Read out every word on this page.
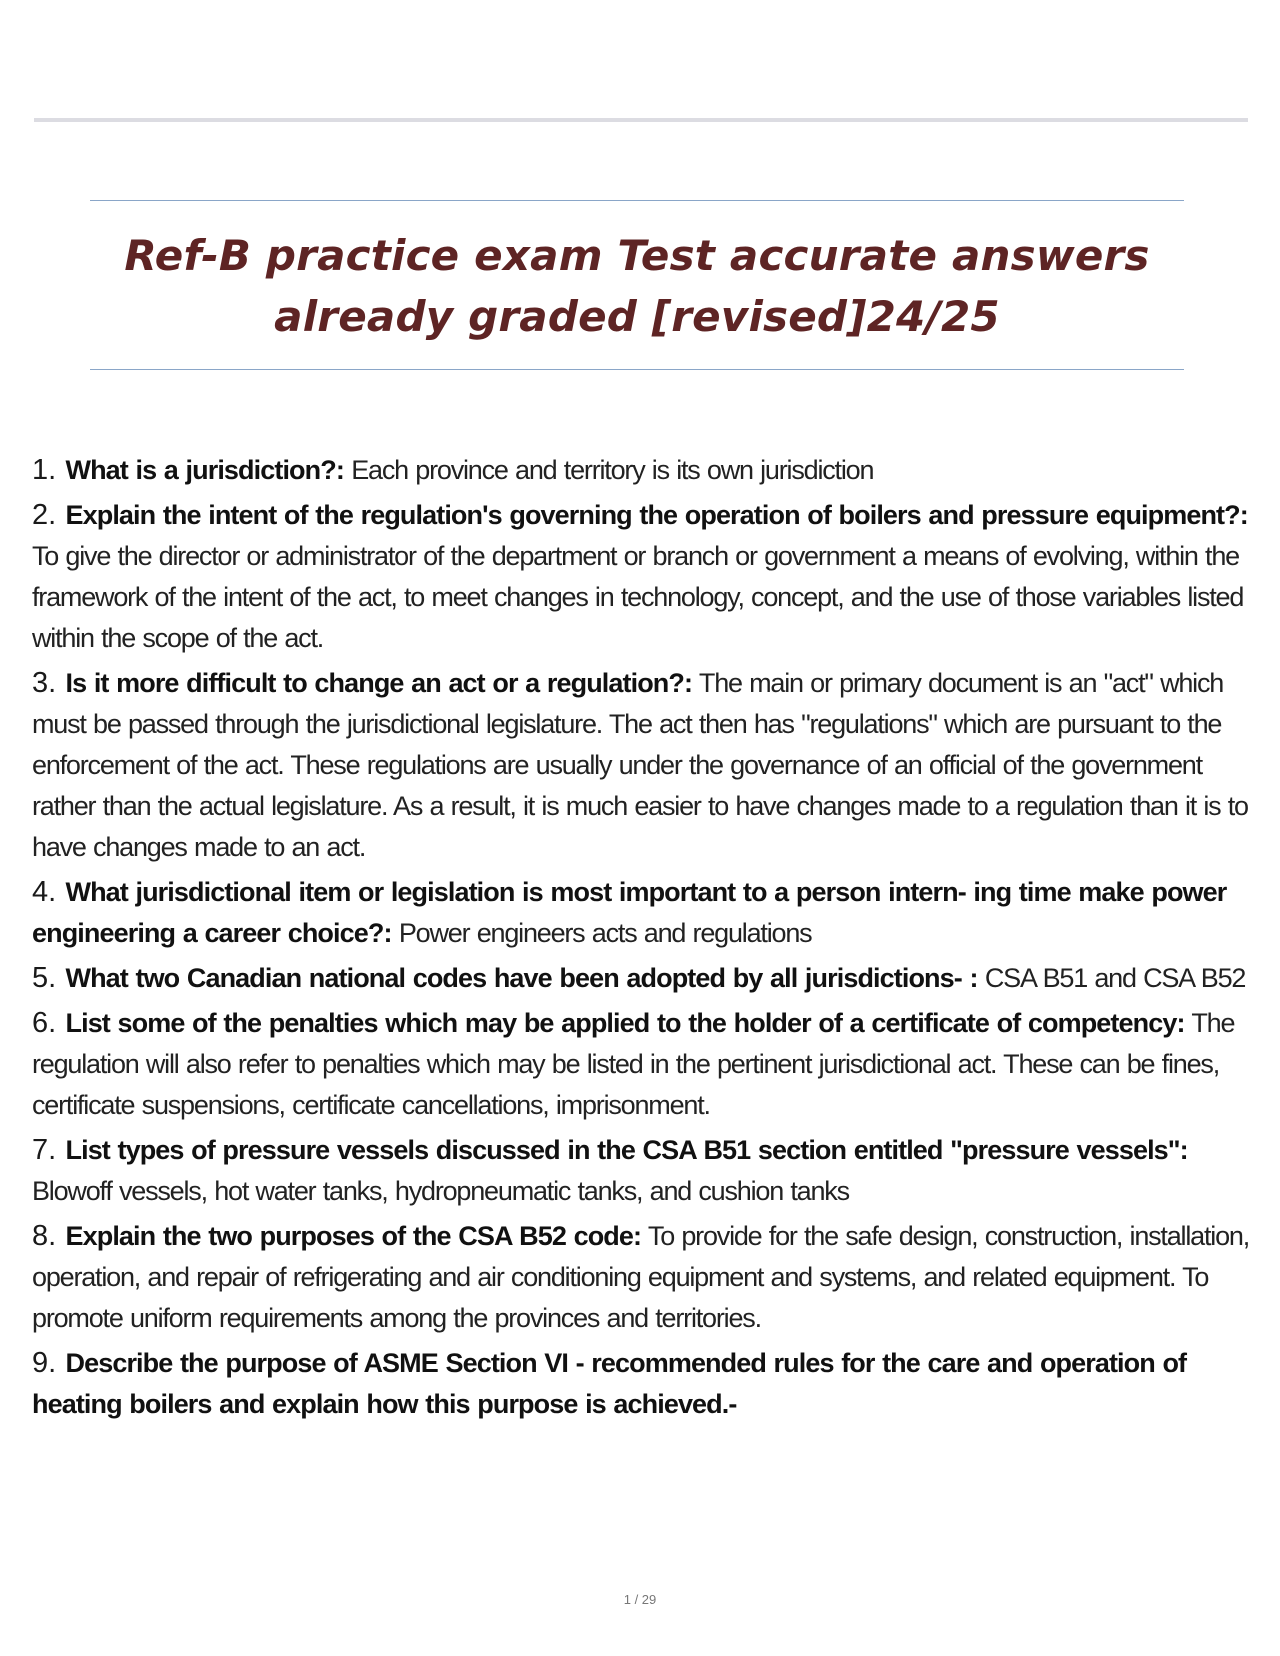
Ref-B practice exam Test accurate answers
already graded [revised]24/25
1. What is a jurisdiction?: Each province and territory is its own jurisdiction
2. Explain the intent of the regulation's governing the operation of boilers and pressure equipment?: To give the director or administrator of the department or branch or government a means of evolving, within the framework of the intent of the act, to meet changes in technology, concept, and the use of those variables listed within the scope of the act.
3. Is it more difficult to change an act or a regulation?: The main or primary document is an "act" which must be passed through the jurisdictional legislature. The act then has "regulations" which are pursuant to the enforcement of the act. These regulations are usually under the governance of an official of the government rather than the actual legislature. As a result, it is much easier to have changes made to a regulation than it is to have changes made to an act.
4. What jurisdictional item or legislation is most important to a person intern- ing time make power engineering a career choice?: Power engineers acts and regulations
5. What two Canadian national codes have been adopted by all jurisdictions- : CSA B51 and CSA B52
6. List some of the penalties which may be applied to the holder of a certificate of competency: The regulation will also refer to penalties which may be listed in the pertinent jurisdictional act. These can be fines, certificate suspensions, certificate cancellations, imprisonment.
7. List types of pressure vessels discussed in the CSA B51 section entitled "pressure vessels": Blowoff vessels, hot water tanks, hydropneumatic tanks, and cushion tanks
8. Explain the two purposes of the CSA B52 code: To provide for the safe design, construction, installation, operation, and repair of refrigerating and air conditioning equipment and systems, and related equipment. To promote uniform requirements among the provinces and territories.
9. Describe the purpose of ASME Section VI - recommended rules for the care and operation of heating boilers and explain how this purpose is achieved.-
1 / 29
